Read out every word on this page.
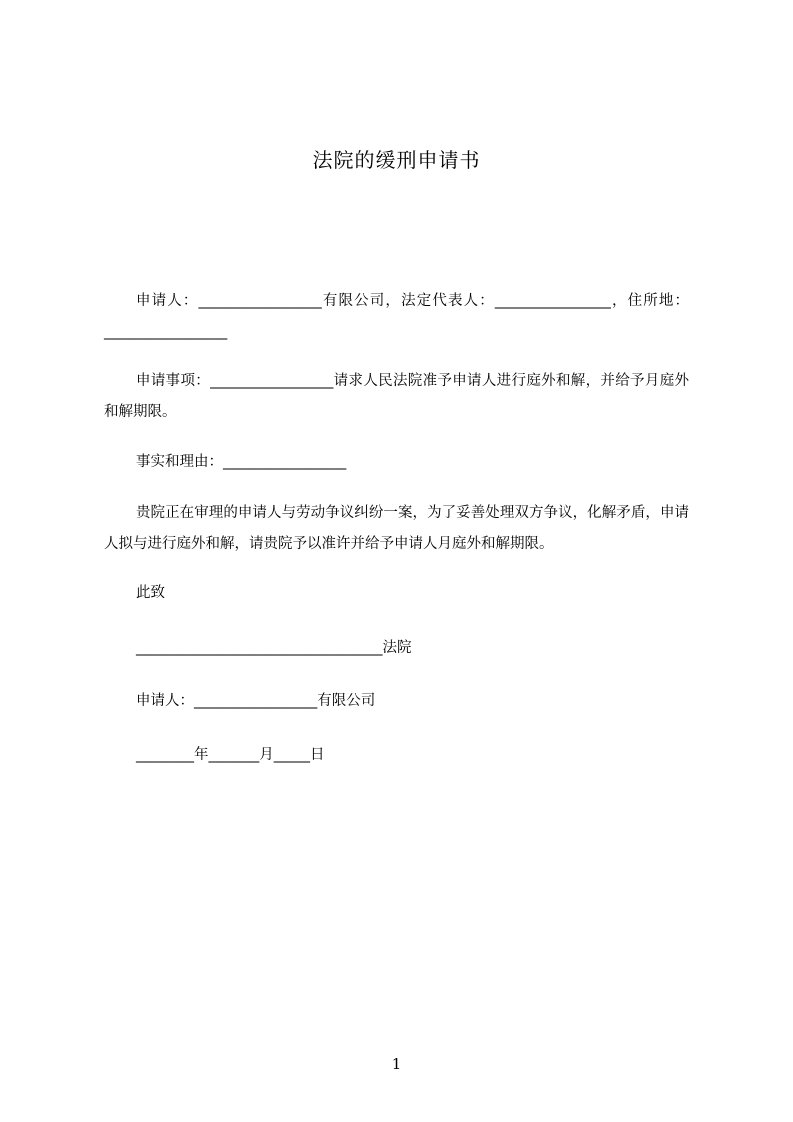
法院的缓刑申请书
申请人：_________________有限公司，法定代表人：________________，住所地：_________________
申请事项：_________________请求人民法院准予申请人进行庭外和解，并给予月庭外和解期限。
事实和理由：_________________
贵院正在审理的申请人与劳动争议纠纷一案，为了妥善处理双方争议，化解矛盾，申请人拟与进行庭外和解，请贵院予以准许并给予申请人月庭外和解期限。
此致
__________________________________法院
申请人：_________________有限公司
________年_______月_____日
1
